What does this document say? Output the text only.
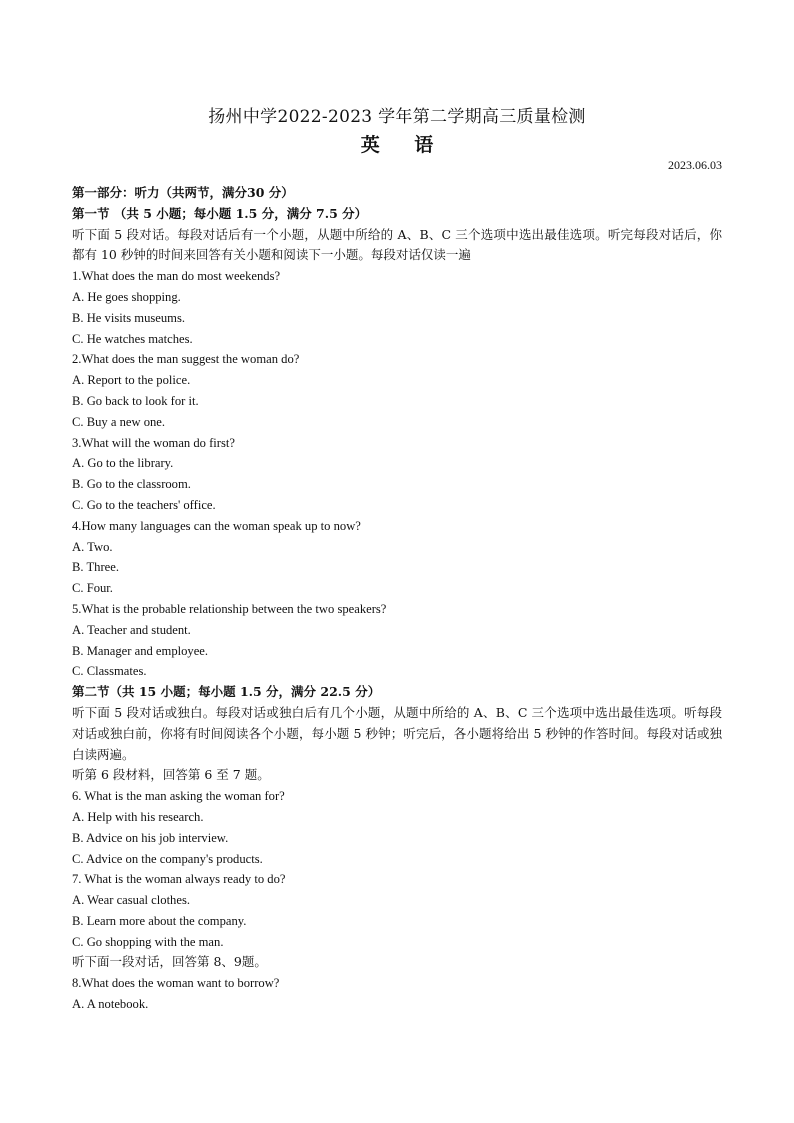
扬州中学2022-2023 学年第二学期高三质量检测
英 语
2023.06.03

第一部分：听力（共两节，满分30 分）

第一节 （共 5 小题；每小题 1.5 分，满分 7.5 分）

听下面 5 段对话。每段对话后有一个小题，从题中所给的 A、B、C 三个选项中选出最佳选项。听完每段对话后，你都有 10 秒钟的时间来回答有关小题和阅读下一小题。每段对话仅读一遍

1.What does the man do most weekends?

A. He goes shopping.

B. He visits museums.

C. He watches matches.

2.What does the man suggest the woman do?

A. Report to the police.

B. Go back to look for it.

C. Buy a new one.

3.What will the woman do first?

A. Go to the library.

B. Go to the classroom.

C. Go to the teachers' office.

4.How many languages can the woman speak up to now?

A. Two.

B. Three.

C. Four.

5.What is the probable relationship between the two speakers?

A. Teacher and student.

B. Manager and employee.

C. Classmates.

第二节（共 15 小题；每小题 1.5 分，满分 22.5 分）

听下面 5 段对话或独白。每段对话或独白后有几个小题，从题中所给的 A、B、C 三个选项中选出最佳选项。听每段对话或独白前，你将有时间阅读各个小题，每小题 5 秒钟；听完后，各小题将给出 5 秒钟的作答时间。每段对话或独白读两遍。

听第 6 段材料，回答第 6 至 7 题。

6. What is the man asking the woman for?

A. Help with his research.

B. Advice on his job interview.

C. Advice on the company's products.

7. What is the woman always ready to do?

A. Wear casual clothes.

B. Learn more about the company.

C. Go shopping with the man.

听下面一段对话，回答第 8、9题。

8.What does the woman want to borrow?

A. A notebook.
